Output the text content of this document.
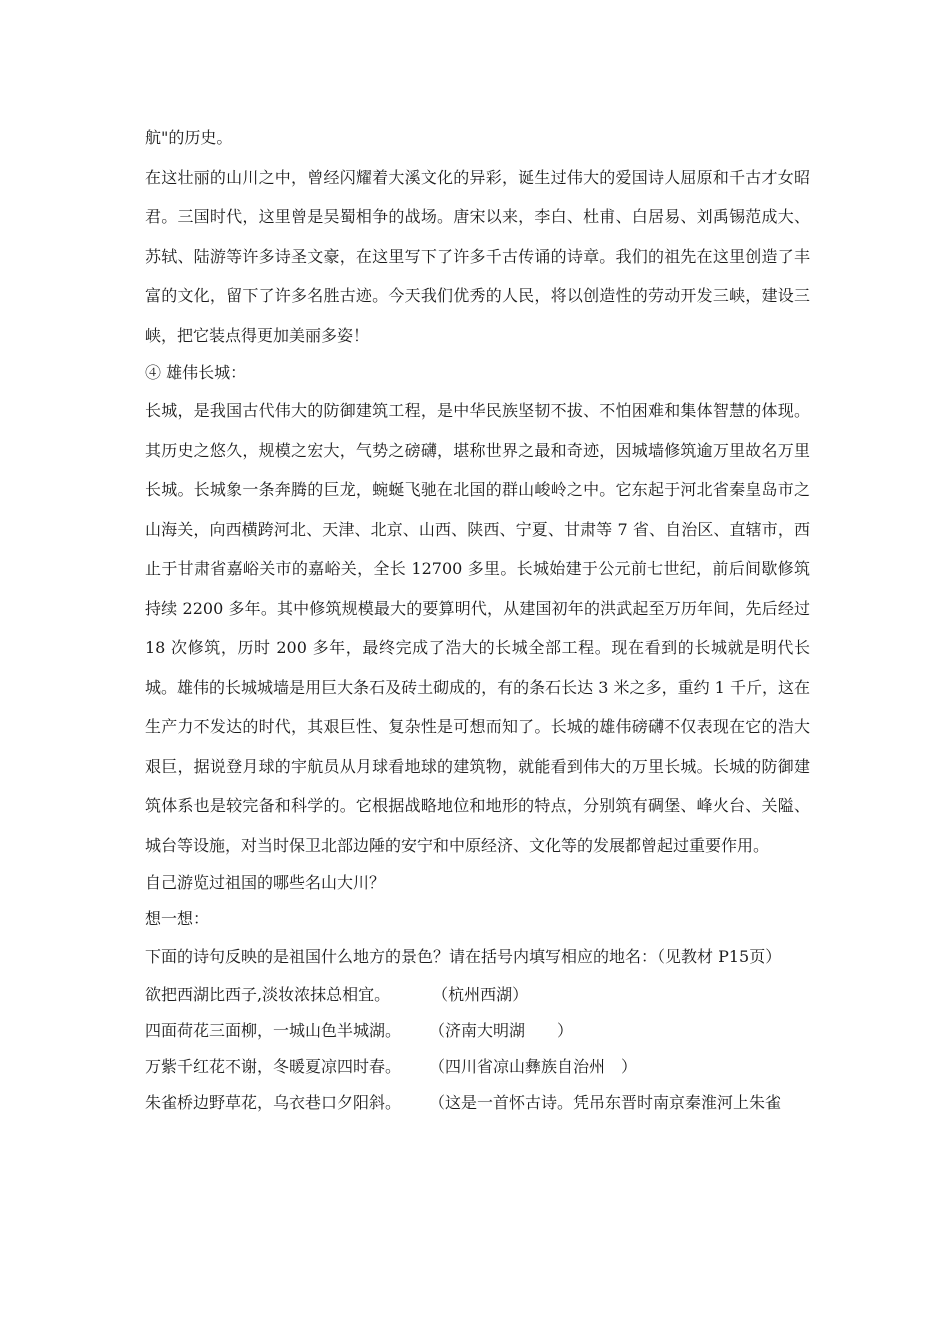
航"的历史。

在这壮丽的山川之中，曾经闪耀着大溪文化的异彩，诞生过伟大的爱国诗人屈原和千古才女昭君。三国时代，这里曾是吴蜀相争的战场。唐宋以来，李白、杜甫、白居易、刘禹锡范成大、苏轼、陆游等许多诗圣文豪，在这里写下了许多千古传诵的诗章。我们的祖先在这里创造了丰富的文化，留下了许多名胜古迹。今天我们优秀的人民，将以创造性的劳动开发三峡，建设三峡，把它装点得更加美丽多姿！

④ 雄伟长城：

长城，是我国古代伟大的防御建筑工程，是中华民族坚韧不拔、不怕困难和集体智慧的体现。其历史之悠久，规模之宏大，气势之磅礴，堪称世界之最和奇迹，因城墙修筑逾万里故名万里长城。长城象一条奔腾的巨龙，蜿蜒飞驰在北国的群山峻岭之中。它东起于河北省秦皇岛市之山海关，向西横跨河北、天津、北京、山西、陕西、宁夏、甘肃等 7 省、自治区、直辖市，西止于甘肃省嘉峪关市的嘉峪关，全长 12700 多里。长城始建于公元前七世纪，前后间歇修筑持续 2200 多年。其中修筑规模最大的要算明代，从建国初年的洪武起至万历年间，先后经过 18 次修筑，历时 200 多年，最终完成了浩大的长城全部工程。现在看到的长城就是明代长城。雄伟的长城城墙是用巨大条石及砖土砌成的，有的条石长达 3 米之多，重约 1 千斤，这在生产力不发达的时代，其艰巨性、复杂性是可想而知了。长城的雄伟磅礴不仅表现在它的浩大艰巨，据说登月球的宇航员从月球看地球的建筑物，就能看到伟大的万里长城。长城的防御建筑体系也是较完备和科学的。它根据战略地位和地形的特点，分别筑有碉堡、峰火台、关隘、城台等设施，对当时保卫北部边陲的安宁和中原经济、文化等的发展都曾起过重要作用。

自己游览过祖国的哪些名山大川？

想一想：

下面的诗句反映的是祖国什么地方的景色？请在括号内填写相应的地名：（见教材 P15页）

欲把西湖比西子,淡妆浓抹总相宜。	（杭州西湖）

四面荷花三面柳，一城山色半城湖。 （济南大明湖　　）

万紫千红花不谢，冬暖夏凉四时春。 （四川省凉山彝族自治州　）

朱雀桥边野草花，乌衣巷口夕阳斜。 （这是一首怀古诗。凭吊东晋时南京秦淮河上朱雀
